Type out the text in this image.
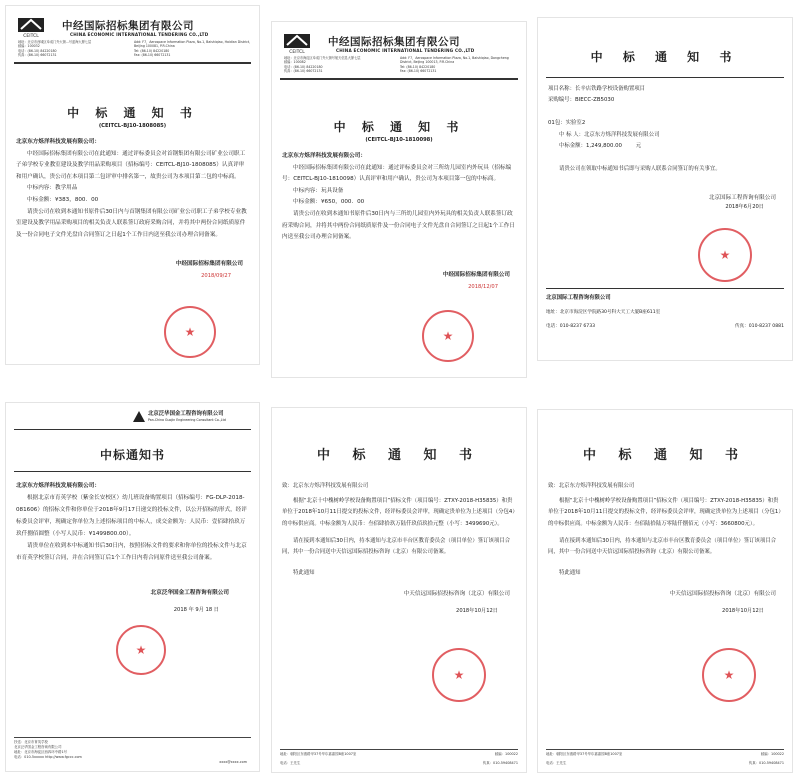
CEITCL
中经国际招标集团有限公司
CHINA ECONOMIC INTERNATIONAL TENDERING CO.,LTD
地址：北京市西城区阜成门外大街...号蓝海大厦七层
邮编：100032
电话：(86-10) 84220180
传真：(86-10) 66072131
Add: F7，Aerospace Information Plaza, No.1, Baishiqiao, Haidian District, Beijing 100081, P.R.China
Tel: (86-10) 84220180
Fax: (86-10) 66072131
中 标 通 知 书
(CEITCL-BJ10-1808085)

北京东方烁洋科技发展有限公司：

中经国际招标集团有限公司在此通知：通过评标委员会对首钢集团有限公司矿业公司职工子弟学校专业教室建设及教学用品采购项目（招标编号：CEITCL-BJ10-1808085）认真评审和用户确认，贵公司在本项目第二包评审中排名第一，故贵公司为本项目第二包的中标商。

中标内容：教学用品

中标金额：¥383，800．00

请贵公司在收到本通知书原件后30日内与首钢集团有限公司矿业公司职工子弟学校专业教室建设及教学用品采购项目的相关负责人联系签订政府采购合同，并将其中两份合同纸质原件及一份合同电子文件光盘自合同签订之日起1个工作日内送至我公司办理合同备案。

中经国际招标集团有限公司
2018/09/27
★
CEITCL
中经国际招标集团有限公司
CHINA ECONOMIC INTERNATIONAL TENDERING CO.,LTD
地址：北京市海淀区阜成门外大街号航天信息大厦七层
邮编：100082
电话：(86-10) 84220180
传真：(86-10) 66072131
Add: F7，Aerospace Information Plaza, No.1, Baishiqiao, Dongcheng District, Beijing 100013, P.R.China
Tel: (86-10) 84220180
Fax: (86-10) 66072131
中 标 通 知 书
(CEITCL-BJ10-1810098)

北京东方烁洋科技发展有限公司：

中经国际招标集团有限公司在此通知：通过评标委员会对三所幼儿园室内外玩具（招标编号：CEITCL-BJ10-1810098）认真评审和用户确认，贵公司为本项目第一包的中标商。

中标内容：玩具设备

中标金额：¥650，000．00

请贵公司在收到本通知书原件后30日内与三所幼儿园室内外玩具的相关负责人联系签订政府采购合同，并将其中两份合同纸质原件及一份合同电子文件光盘自合同签订之日起1个工作日内送至我公司办理合同备案。

中经国际招标集团有限公司
2018/12/07
★
中 标 通 知 书

项目名称：长辛店铁路学校设备购置项目

采购编号：BIECC-ZB5030

01包：实验室2

中 标 人：北京东方烁洋科技发展有限公司

中标金额：1,249,800.00	元

请贵公司在领取中标通知书后即与采购人联系合同签订的有关事宜。

北京国际工程咨询有限公司
2018年6月20日
★
北京国际工程咨询有限公司
地址：北京市海淀区学院路30号科大天工大厦B座611室
电话：010-8237 6733	传真：010-8237 0881
北京泛华国金工程咨询有限公司
Pan-China Guojin Engineering Consultant Co.,Ltd
中标通知书

北京东方烁洋科技发展有限公司：

根据北京市育英学校（紫金长安校区）幼儿班设备购置项目（招标编号：FG-DLP-2018-081606）的招标文件和你单位于2018年9月17日递交的投标文件，以公开招标的形式，经评标委员会评审，现确定你单位为上述招标项目的中标人，成交金额为：人民币：壹佰肆拾玖万玖仟捌佰圆整（小写人民币：¥1499800.00）。

请贵单位在收到本中标通知书后30日内，按照招标文件的要求和你单位的投标文件与北京市育英学校签订合同，并在合同签订后1个工作日内将合同原件送至我公司备案。

北京泛华国金工程咨询有限公司
2018 年 9月 18 日
★
抄送：北京市育英学校
北京泛华国金工程咨询有限公司
地址：北京市海淀区西四环中路1号
电话：010-5xxxxx http://www.fgccc.com

xxxx@xxxx.com

中 标 通 知 书

致：北京东方烁洋科技发展有限公司

根据“北京十中槐树岭学校设备购置项目”招标文件（项目编号：ZTXY-2018-H35835）和贵单位于2018年10月11日提交的投标文件，经评标委员会评审，现确定贵单位为上述项目（分包4）的中标供应商。中标金额为人民币：叁佰肆拾玖万陆仟玖佰玖拾元整（小写：3499690元）。

请在接到本通知后30日内，持本通知与北京市丰台区教育委员会（项目单位）签订该项目合同，其中一份合同送中天信远国际招投标咨询（北京）有限公司备案。

特此通知

中天信远国际招投标咨询（北京）有限公司
2018年10月12日
★
地址：朝阳区东惠路甲37号华尔嘉嘉园B座1007室	邮编：100022
电话：王先生	传真：010-59408471
中 标 通 知 书

致：北京东方烁洋科技发展有限公司

根据“北京十中槐树岭学校设备购置项目”招标文件（项目编号：ZTXY-2018-H35835）和贵单位于2018年10月11日提交的投标文件，经评标委员会评审，现确定贵单位为上述项目（分包1）的中标供应商。中标金额为人民币：叁佰陆拾陆万零陆仟捌佰元（小写：3660800元）。

请在接到本通知后30日内，持本通知与北京市丰台区教育委员会（项目单位）签订该项目合同，其中一份合同送中天信远国际招投标咨询（北京）有限公司备案。

特此通知

中天信远国际招投标咨询（北京）有限公司
2018年10月12日
★
地址：朝阳区东惠路甲37号华尔嘉嘉园B座1007室	邮编：100022
电话：王先生	传真：010-59408471
